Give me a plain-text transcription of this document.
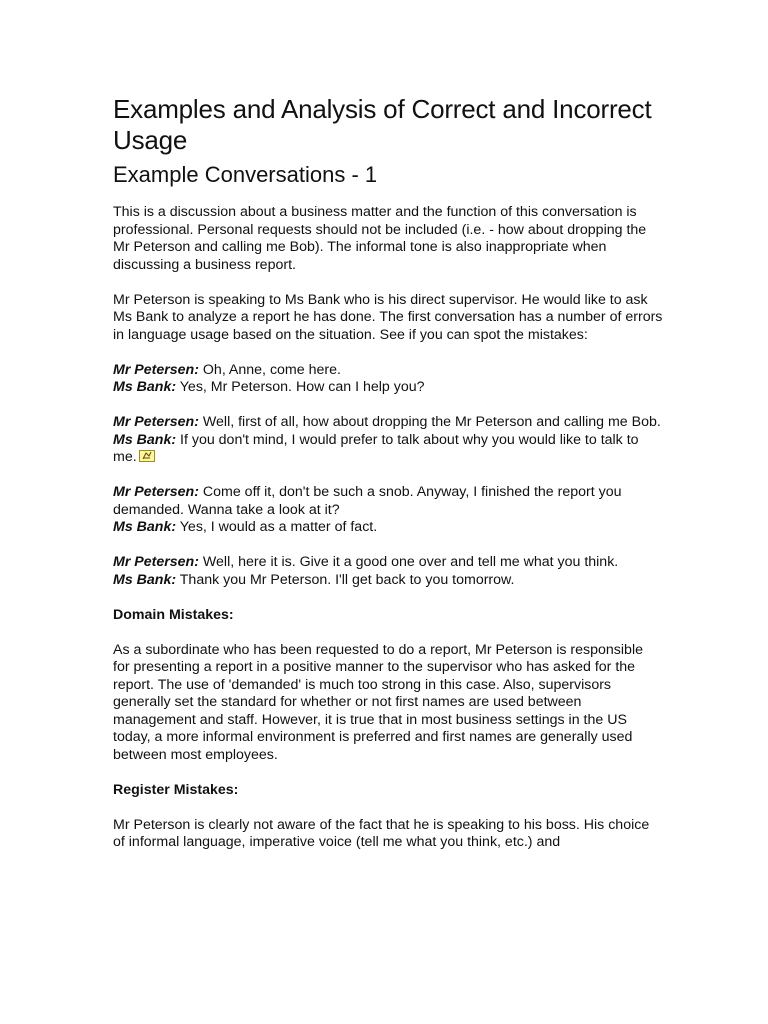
Examples and Analysis of Correct and Incorrect Usage
Example Conversations - 1

This is a discussion about a business matter and the function of this conversation is professional. Personal requests should not be included (i.e. - how about dropping the Mr Peterson and calling me Bob). The informal tone is also inappropriate when discussing a business report.

Mr Peterson is speaking to Ms Bank who is his direct supervisor. He would like to ask Ms Bank to analyze a report he has done. The first conversation has a number of errors in language usage based on the situation. See if you can spot the mistakes:

Mr Petersen: Oh, Anne, come here.
Ms Bank: Yes, Mr Peterson. How can I help you?

Mr Petersen: Well, first of all, how about dropping the Mr Peterson and calling me Bob.
Ms Bank: If you don't mind, I would prefer to talk about why you would like to talk to me.

Mr Petersen: Come off it, don't be such a snob. Anyway, I finished the report you demanded. Wanna take a look at it?
Ms Bank: Yes, I would as a matter of fact.

Mr Petersen: Well, here it is. Give it a good one over and tell me what you think.
Ms Bank: Thank you Mr Peterson. I'll get back to you tomorrow.

Domain Mistakes:

As a subordinate who has been requested to do a report, Mr Peterson is responsible for presenting a report in a positive manner to the supervisor who has asked for the report. The use of 'demanded' is much too strong in this case. Also, supervisors generally set the standard for whether or not first names are used between management and staff. However, it is true that in most business settings in the US today, a more informal environment is preferred and first names are generally used between most employees.

Register Mistakes:

Mr Peterson is clearly not aware of the fact that he is speaking to his boss. His choice of informal language, imperative voice (tell me what you think, etc.) and
